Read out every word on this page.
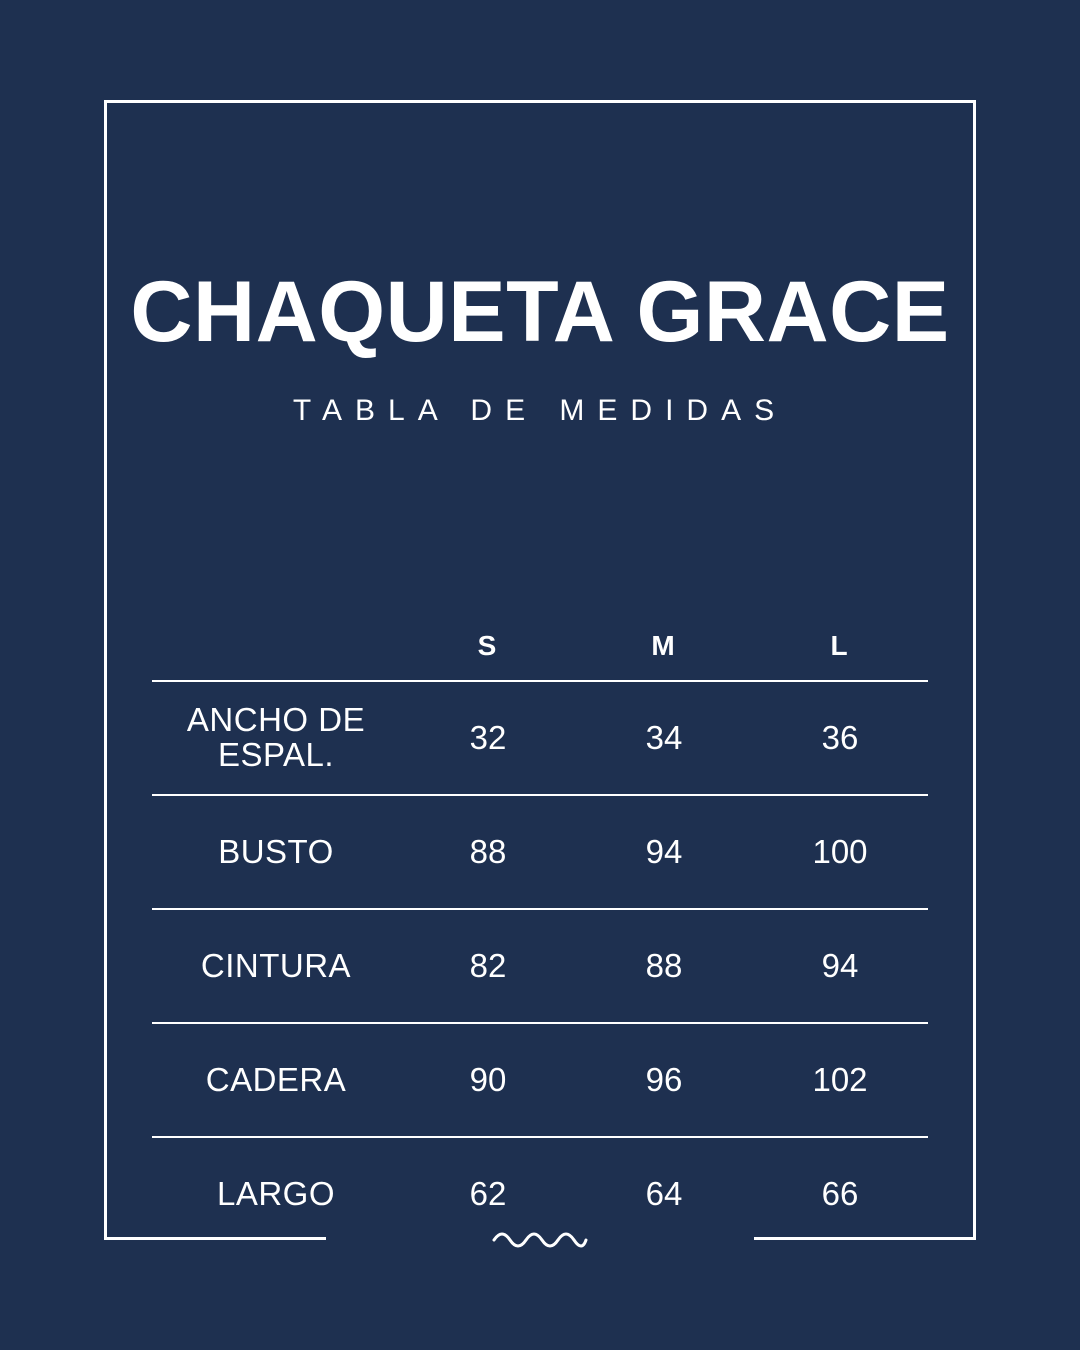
CHAQUETA GRACE
TABLA DE MEDIDAS
	S	M	L
ANCHO DE ESPAL.	32	34	36
BUSTO	88	94	100
CINTURA	82	88	94
CADERA	90	96	102
LARGO	62	64	66
